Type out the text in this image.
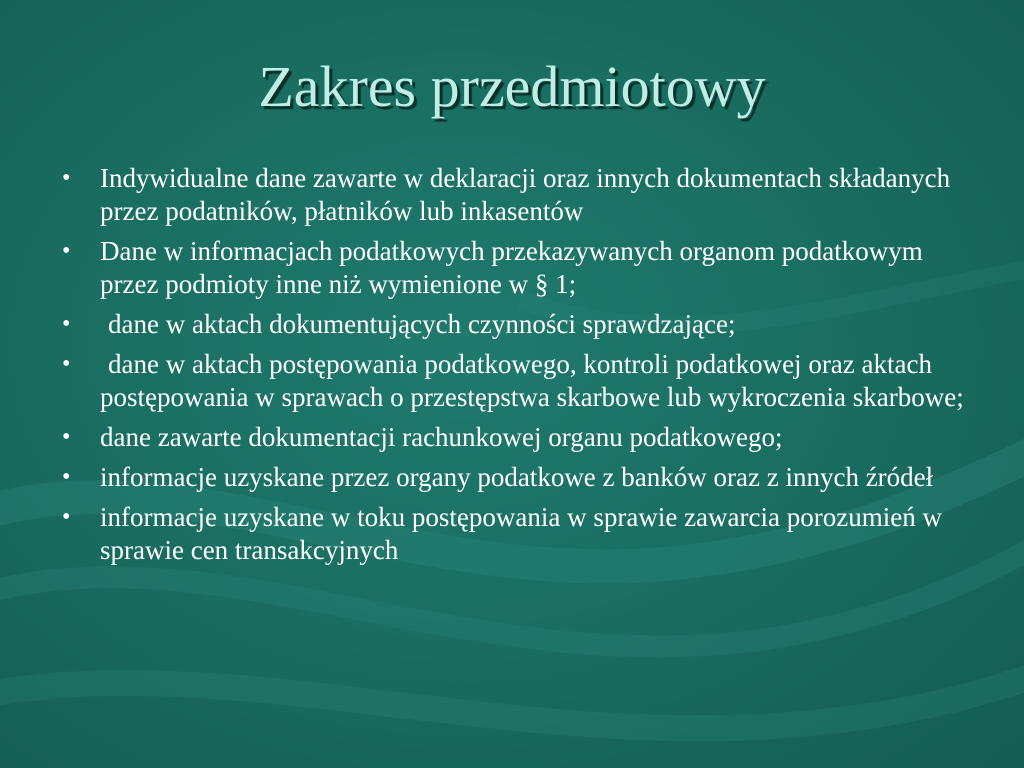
Zakres przedmiotowy
• Indywidualne dane zawarte w deklaracji oraz innych dokumentach składanych przez podatników, płatników lub inkasentów
• Dane w informacjach podatkowych przekazywanych organom podatkowym przez podmioty inne niż wymienione w § 1;
• dane w aktach dokumentujących czynności sprawdzające;
• dane w aktach postępowania podatkowego, kontroli podatkowej oraz aktach postępowania w sprawach o przestępstwa skarbowe lub wykroczenia skarbowe;
• dane zawarte dokumentacji rachunkowej organu podatkowego;
• informacje uzyskane przez organy podatkowe z banków oraz z innych źródeł
• informacje uzyskane w toku postępowania w sprawie zawarcia porozumień w sprawie cen transakcyjnych
